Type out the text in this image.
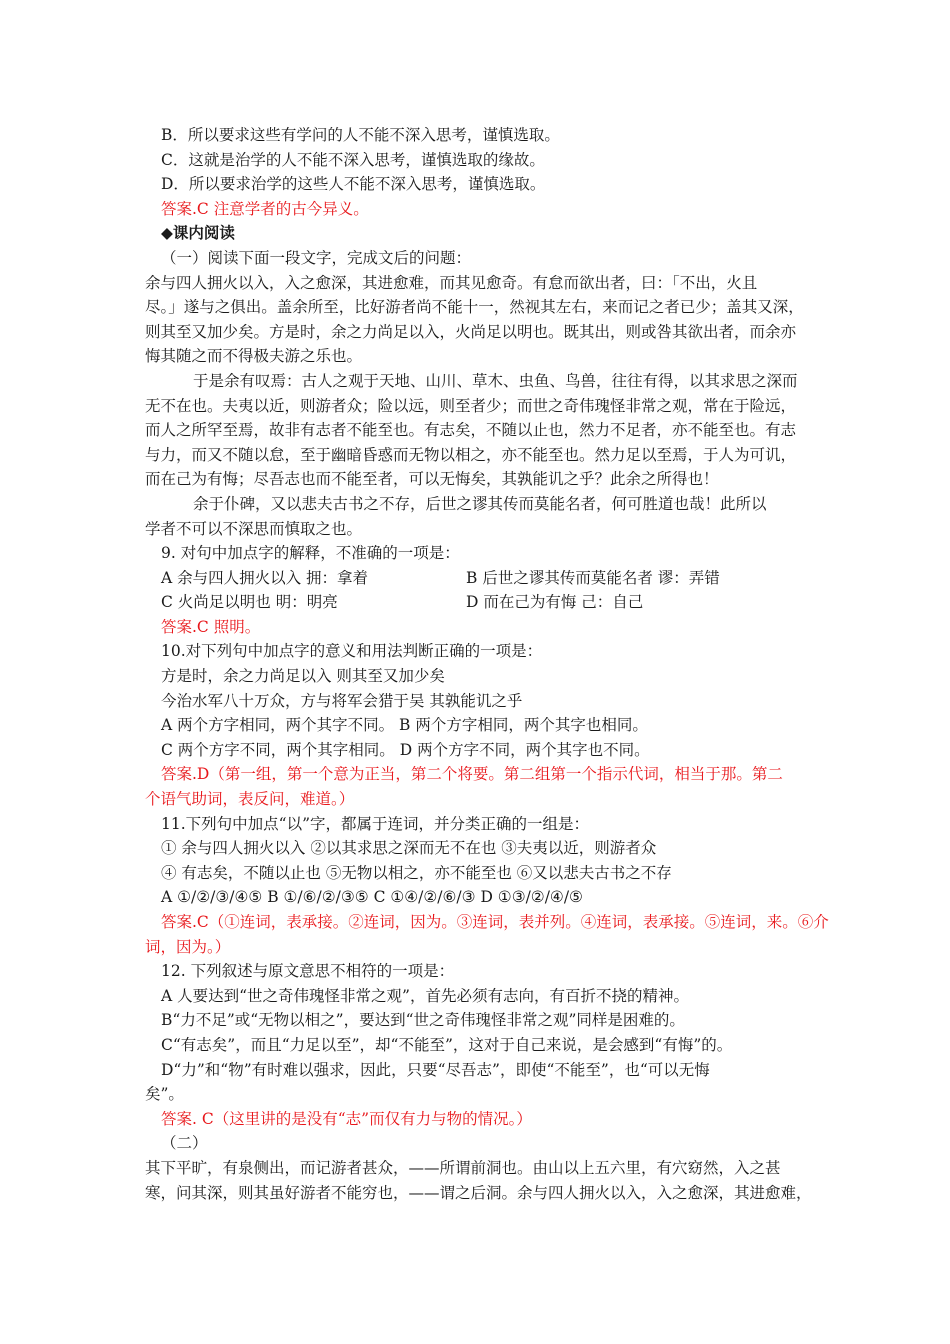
B．所以要求这些有学问的人不能不深入思考，谨慎选取。
C．这就是治学的人不能不深入思考，谨慎选取的缘故。
D．所以要求治学的这些人不能不深入思考，谨慎选取。
答案.C 注意学者的古今异义。
◆课内阅读
（一）阅读下面一段文字，完成文后的问题：
余与四人拥火以入，入之愈深，其进愈难，而其见愈奇。有怠而欲出者，曰：「不出，火且
尽。」遂与之俱出。盖余所至，比好游者尚不能十一，然视其左右，来而记之者已少；盖其又深，
则其至又加少矣。方是时，余之力尚足以入，火尚足以明也。既其出，则或咎其欲出者，而余亦
悔其随之而不得极夫游之乐也。
于是余有叹焉：古人之观于天地、山川、草木、虫鱼、鸟兽，往往有得，以其求思之深而
无不在也。夫夷以近，则游者众；险以远，则至者少；而世之奇伟瑰怪非常之观，常在于险远，
而人之所罕至焉，故非有志者不能至也。有志矣，不随以止也，然力不足者，亦不能至也。有志
与力，而又不随以怠，至于幽暗昏惑而无物以相之，亦不能至也。然力足以至焉，于人为可讥，
而在己为有悔；尽吾志也而不能至者，可以无悔矣，其孰能讥之乎？此余之所得也！
余于仆碑，又以悲夫古书之不存，后世之谬其传而莫能名者，何可胜道也哉！此所以
学者不可以不深思而慎取之也。
9. 对句中加点字的解释，不准确的一项是：
A 余与四人拥火以入 拥：拿着	B 后世之谬其传而莫能名者 谬：弄错
C 火尚足以明也 明：明亮	D 而在己为有悔 己：自己
答案.C 照明。
10.对下列句中加点字的意义和用法判断正确的一项是：
方是时，余之力尚足以入 则其至又加少矣
今治水军八十万众，方与将军会猎于吴 其孰能讥之乎
A 两个方字相同，两个其字不同。 B 两个方字相同，两个其字也相同。
C 两个方字不同，两个其字相同。 D 两个方字不同，两个其字也不同。
答案.D（第一组，第一个意为正当，第二个将要。第二组第一个指示代词，相当于那。第二
个语气助词，表反问，难道。）
11.下列句中加点“以”字，都属于连词，并分类正确的一组是：
① 余与四人拥火以入 ②以其求思之深而无不在也 ③夫夷以近，则游者众
④ 有志矣，不随以止也 ⑤无物以相之，亦不能至也 ⑥又以悲夫古书之不存
A ①/②/③/④⑤ B ①/⑥/②/③⑤ C ①④/②/⑥/③ D ①③/②/④/⑤
答案.C（①连词，表承接。②连词，因为。③连词，表并列。④连词，表承接。⑤连词，来。⑥介
词，因为。）
12. 下列叙述与原文意思不相符的一项是：
A 人要达到“世之奇伟瑰怪非常之观”，首先必须有志向，有百折不挠的精神。
B“力不足”或“无物以相之”，要达到“世之奇伟瑰怪非常之观”同样是困难的。
C“有志矣”，而且“力足以至”，却“不能至”，这对于自己来说，是会感到“有悔”的。
D“力”和“物”有时难以强求，因此，只要“尽吾志”，即使“不能至”，也“可以无悔
矣”。
答案. C（这里讲的是没有“志”而仅有力与物的情况。）
（二）
其下平旷，有泉侧出，而记游者甚众，——所谓前洞也。由山以上五六里，有穴窈然，入之甚
寒，问其深，则其虽好游者不能穷也，——谓之后洞。余与四人拥火以入，入之愈深，其进愈难，
